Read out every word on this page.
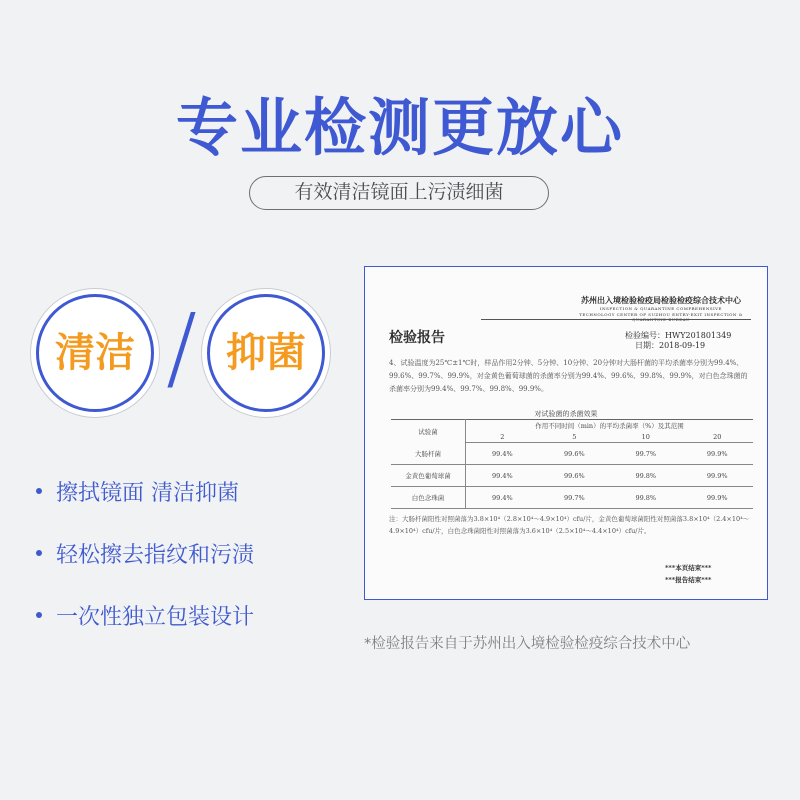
专业检测更放心
有效清洁镜面上污渍细菌
清洁 / 抑菌
擦拭镜面 清洁抑菌
轻松擦去指纹和污渍
一次性独立包装设计
苏州出入境检验检疫局检验检疫综合技术中心
INSPECTION & QUARANTINE COMPREHENSIVE
TECHNOLOGY CENTER OF SUZHOU ENTRY-EXIT INSPECTION & QUARANTINE BUREAU
检验报告	检验编号：HWY201801349
日期：2018-09-19
4、试验温度为25℃±1℃时，样品作用2分钟、5分钟、10分钟、20分钟对大肠杆菌的平均杀菌率分别为99.4%、99.6%、99.7%、99.9%，对金黄色葡萄球菌的杀菌率分别为99.4%、99.6%、99.8%、99.9%，对白色念珠菌的杀菌率分别为99.4%、99.7%、99.8%、99.9%。
对试验菌的杀菌效果
试验菌	作用不同时间（min）的平均杀菌率（%）及其范围			
	2	5	10	20
大肠杆菌	99.4%	99.6%	99.7%	99.9%
金黄色葡萄球菌	99.4%	99.6%	99.8%	99.9%
白色念珠菌	99.4%	99.7%	99.8%	99.9%
注：大肠杆菌阳性对照菌落为3.8×10⁴（2.8×10⁴～4.9×10⁴）cfu/片，金黄色葡萄球菌阳性对照菌落3.8×10⁴（2.4×10⁴～4.9×10⁴）cfu/片，白色念珠菌阳性对照菌落为3.6×10⁴（2.5×10⁴～4.4×10⁴）cfu/片。
***本页结束***
***报告结束***
*检验报告来自于苏州出入境检验检疫综合技术中心
